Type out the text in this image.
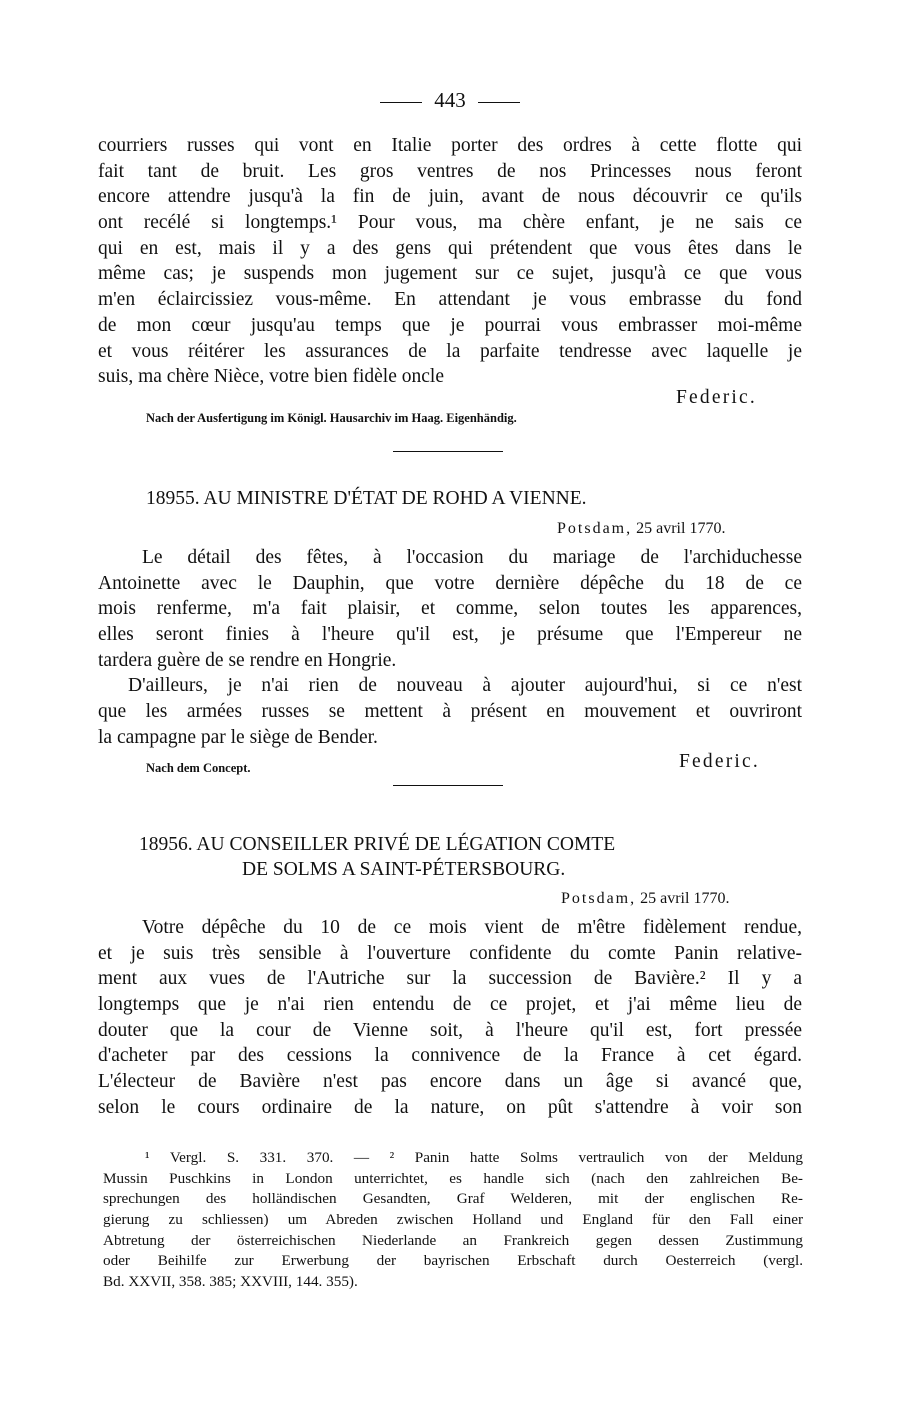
443
courriers russes qui vont en Italie porter des ordres à cette flotte qui
fait tant de bruit. Les gros ventres de nos Princesses nous feront
encore attendre jusqu'à la fin de juin, avant de nous découvrir ce qu'ils
ont recélé si longtemps.¹ Pour vous, ma chère enfant, je ne sais ce
qui en est, mais il y a des gens qui prétendent que vous êtes dans le
même cas; je suspends mon jugement sur ce sujet, jusqu'à ce que vous
m'en éclaircissiez vous-même. En attendant je vous embrasse du fond
de mon cœur jusqu'au temps que je pourrai vous embrasser moi-même
et vous réitérer les assurances de la parfaite tendresse avec laquelle je
suis, ma chère Nièce, votre bien fidèle oncle
Federic.
Nach der Ausfertigung im Königl. Hausarchiv im Haag. Eigenhändig.
18955. AU MINISTRE D'ÉTAT DE ROHD A VIENNE.
Potsdam, 25 avril 1770.
Le détail des fêtes, à l'occasion du mariage de l'archiduchesse
Antoinette avec le Dauphin, que votre dernière dépêche du 18 de ce
mois renferme, m'a fait plaisir, et comme, selon toutes les apparences,
elles seront finies à l'heure qu'il est, je présume que l'Empereur ne
tardera guère de se rendre en Hongrie.
D'ailleurs, je n'ai rien de nouveau à ajouter aujourd'hui, si ce n'est
que les armées russes se mettent à présent en mouvement et ouvriront
la campagne par le siège de Bender.
Nach dem Concept.	Federic.
18956. AU CONSEILLER PRIVÉ DE LÉGATION COMTE
DE SOLMS A SAINT-PÉTERSBOURG.
Potsdam, 25 avril 1770.
Votre dépêche du 10 de ce mois vient de m'être fidèlement rendue,
et je suis très sensible à l'ouverture confidente du comte Panin relative-
ment aux vues de l'Autriche sur la succession de Bavière.² Il y a
longtemps que je n'ai rien entendu de ce projet, et j'ai même lieu de
douter que la cour de Vienne soit, à l'heure qu'il est, fort pressée
d'acheter par des cessions la connivence de la France à cet égard.
L'électeur de Bavière n'est pas encore dans un âge si avancé que,
selon le cours ordinaire de la nature, on pût s'attendre à voir son
¹ Vergl. S. 331. 370. — ² Panin hatte Solms vertraulich von der Meldung
Mussin Puschkins in London unterrichtet, es handle sich (nach den zahlreichen Be-
sprechungen des holländischen Gesandten, Graf Welderen, mit der englischen Re-
gierung zu schliessen) um Abreden zwischen Holland und England für den Fall einer
Abtretung der österreichischen Niederlande an Frankreich gegen dessen Zustimmung
oder Beihilfe zur Erwerbung der bayrischen Erbschaft durch Oesterreich (vergl.
Bd. XXVII, 358. 385; XXVIII, 144. 355).
